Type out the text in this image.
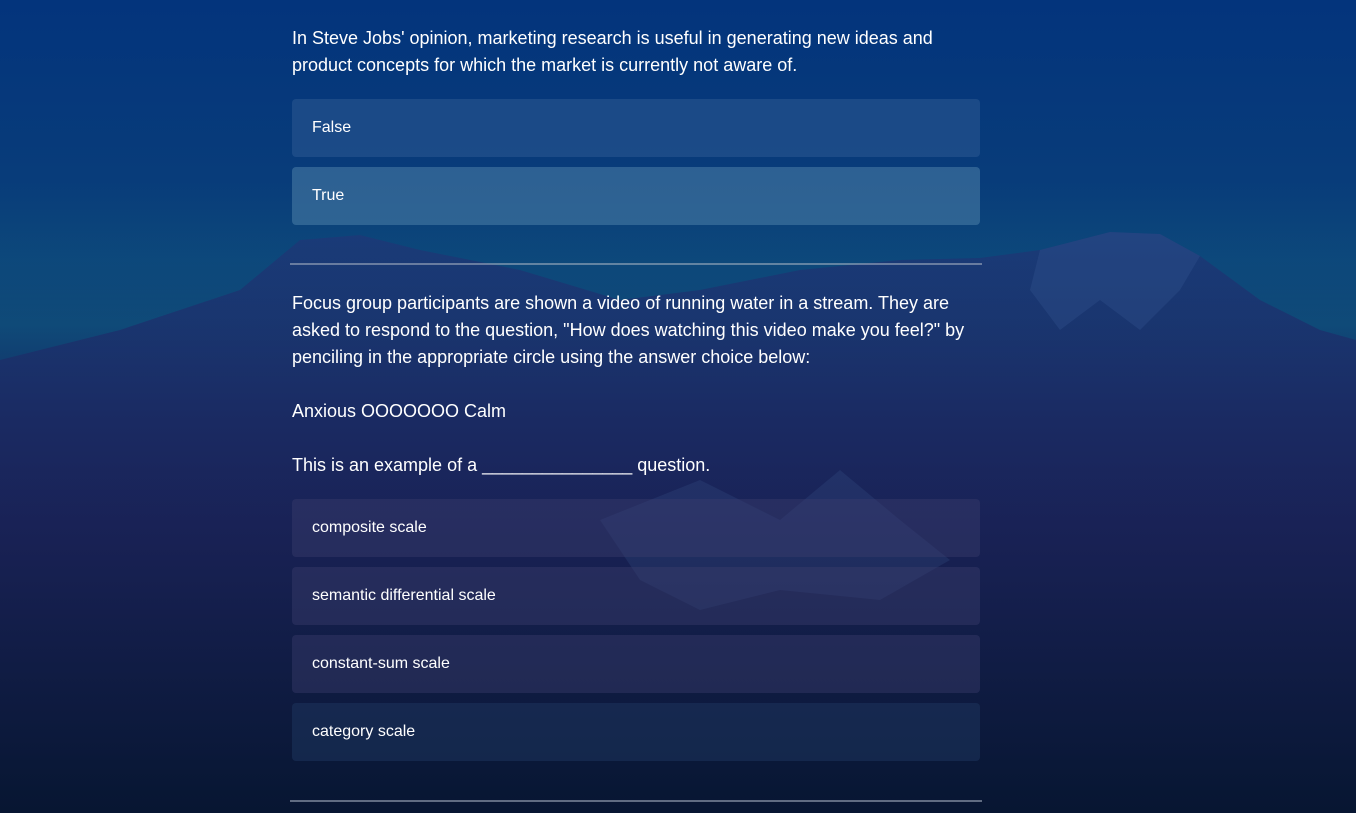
In Steve Jobs' opinion, marketing research is useful in generating new ideas and product concepts for which the market is currently not aware of.

False
True

Focus group participants are shown a video of running water in a stream. They are asked to respond to the question, "How does watching this video make you feel?" by penciling in the appropriate circle using the answer choice below:

Anxious OOOOOOO Calm

This is an example of a _______________ question.

composite scale
semantic differential scale
constant-sum scale
category scale
